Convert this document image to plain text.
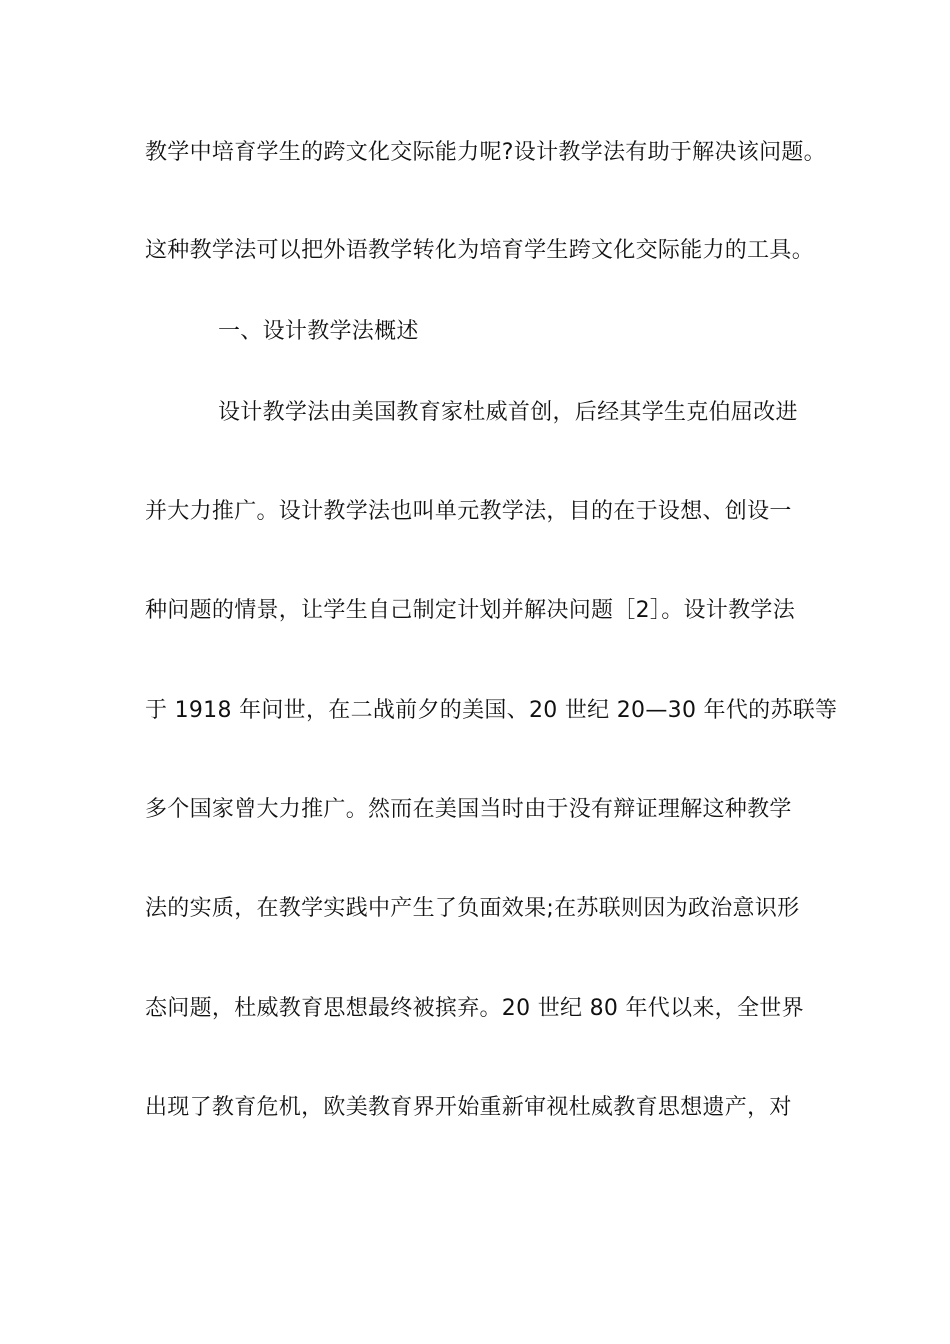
教学中培育学生的跨文化交际能力呢?设计教学法有助于解决该问题。
这种教学法可以把外语教学转化为培育学生跨文化交际能力的工具。
一、设计教学法概述
设计教学法由美国教育家杜威首创，后经其学生克伯屈改进
并大力推广。设计教学法也叫单元教学法，目的在于设想、创设一
种问题的情景，让学生自己制定计划并解决问题［2］。设计教学法
于 1918 年问世，在二战前夕的美国、20 世纪 20—30 年代的苏联等
多个国家曾大力推广。然而在美国当时由于没有辩证理解这种教学
法的实质，在教学实践中产生了负面效果;在苏联则因为政治意识形
态问题，杜威教育思想最终被摈弃。20 世纪 80 年代以来，全世界
出现了教育危机，欧美教育界开始重新审视杜威教育思想遗产，对
